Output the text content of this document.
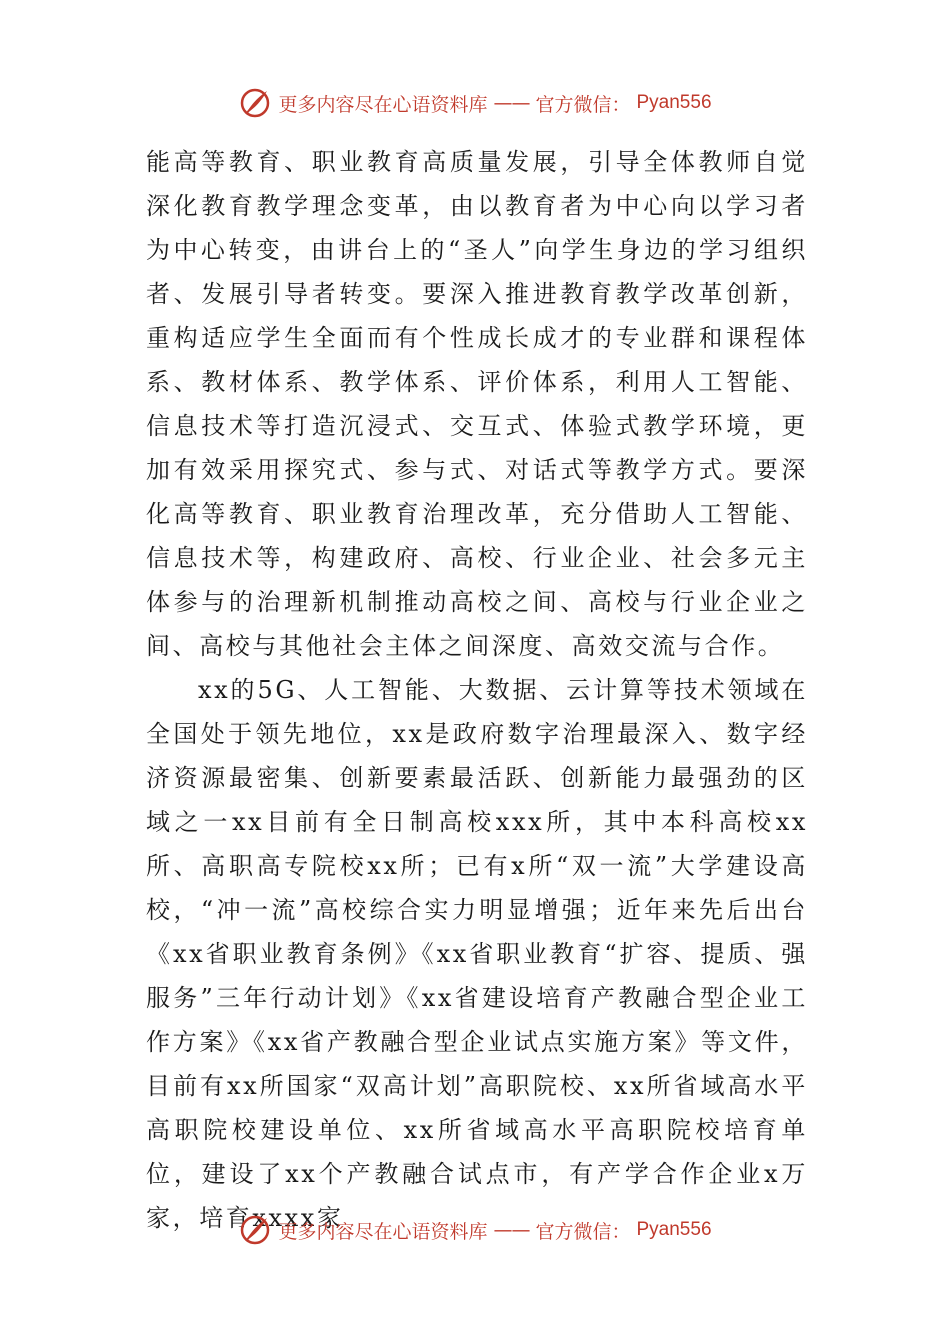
更多内容尽在心语资料库 —— 官方微信： Pyan556

能高等教育、职业教育高质量发展，引导全体教师自觉深化教育教学理念变革，由以教育者为中心向以学习者为中心转变，由讲台上的“圣人”向学生身边的学习组织者、发展引导者转变。要深入推进教育教学改革创新，重构适应学生全面而有个性成长成才的专业群和课程体系、教材体系、教学体系、评价体系，利用人工智能、信息技术等打造沉浸式、交互式、体验式教学环境，更加有效采用探究式、参与式、对话式等教学方式。要深化高等教育、职业教育治理改革，充分借助人工智能、信息技术等，构建政府、高校、行业企业、社会多元主体参与的治理新机制推动高校之间、高校与行业企业之间、高校与其他社会主体之间深度、高效交流与合作。

xx的5G、人工智能、大数据、云计算等技术领域在全国处于领先地位，xx是政府数字治理最深入、数字经济资源最密集、创新要素最活跃、创新能力最强劲的区域之一xx目前有全日制高校xxx所，其中本科高校xx所、高职高专院校xx所；已有x所“双一流”大学建设高校，“冲一流”高校综合实力明显增强；近年来先后出台《xx省职业教育条例》《xx省职业教育“扩容、提质、强服务”三年行动计划》《xx省建设培育产教融合型企业工作方案》《xx省产教融合型企业试点实施方案》等文件，目前有xx所国家“双高计划”高职院校、xx所省域高水平高职院校建设单位、xx所省域高水平高职院校培育单位，建设了xx个产教融合试点市，有产学合作企业x万家，培育xxxx家

更多内容尽在心语资料库 —— 官方微信： Pyan556
